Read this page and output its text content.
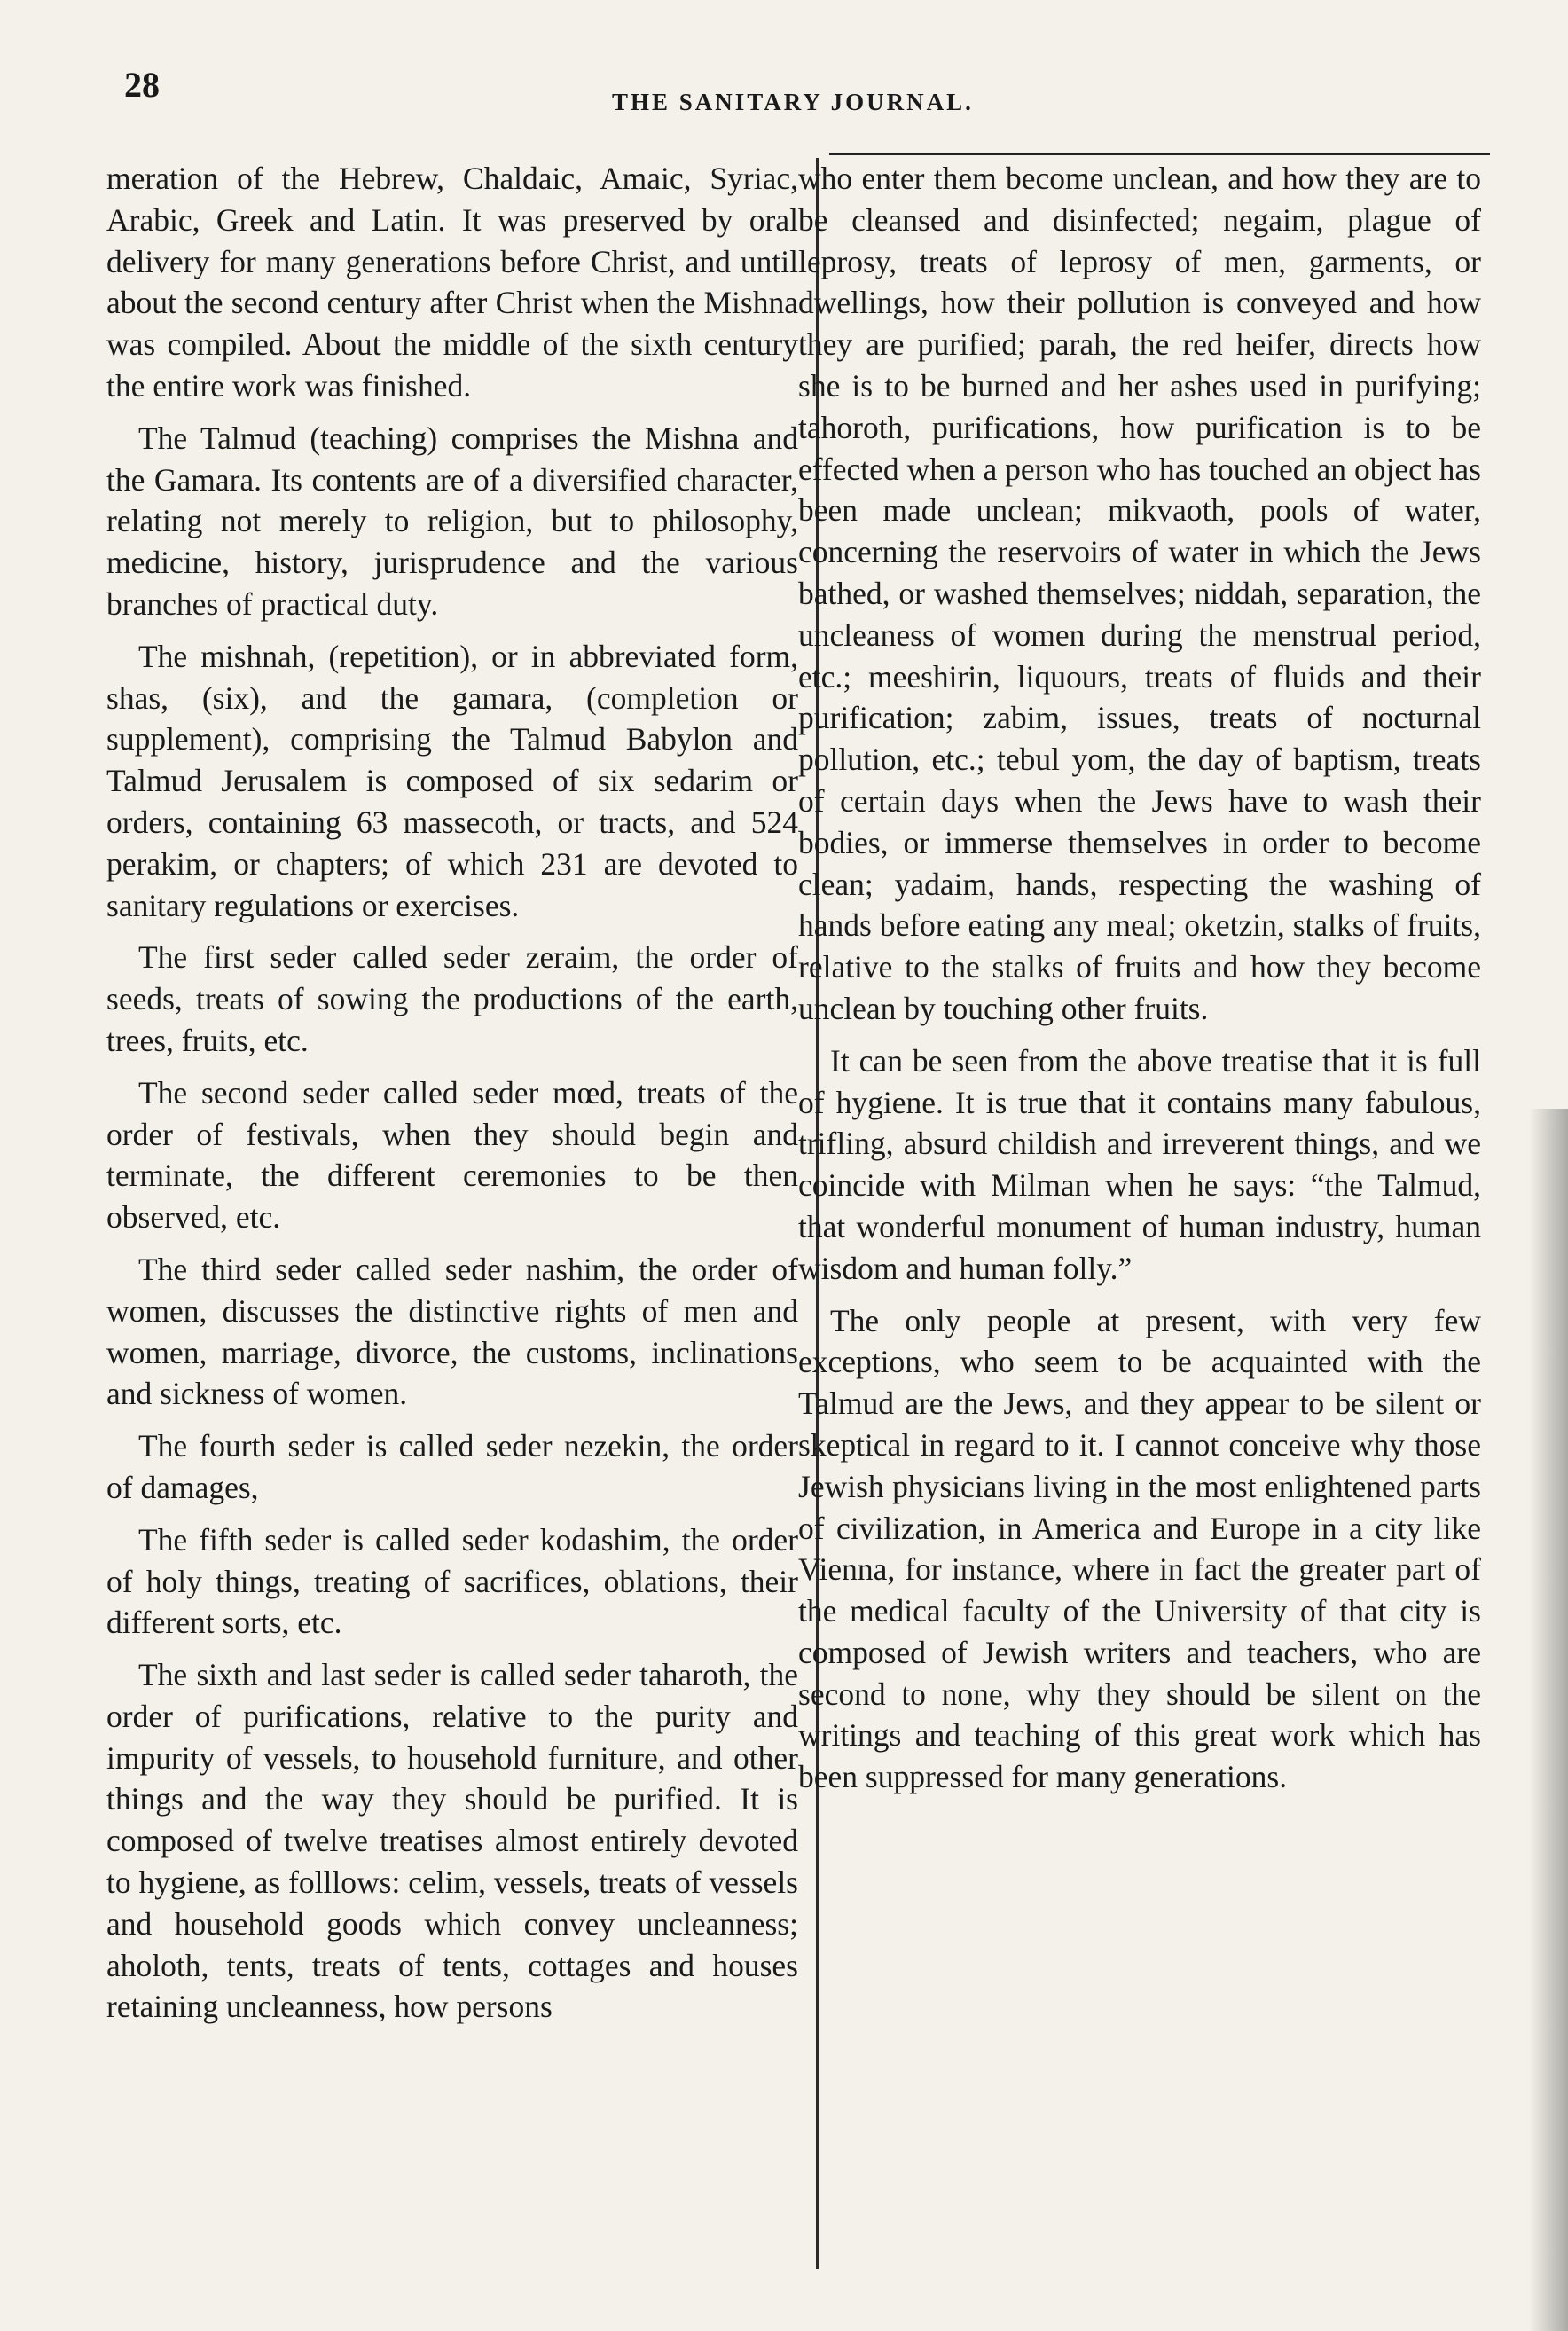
28	THE SANITARY JOURNAL.

meration of the Hebrew, Chaldaic, Amaic, Syriac, Arabic, Greek and Latin. It was preserved by oral delivery for many generations before Christ, and until about the second century after Christ when the Mishna was compiled. About the middle of the sixth century the entire work was finished.

The Talmud (teaching) comprises the Mishna and the Gamara. Its contents are of a diversified character, relating not merely to religion, but to philosophy, medicine, history, jurisprudence and the various branches of practical duty.

The mishnah, (repetition), or in abbreviated form, shas, (six), and the gamara, (completion or supplement), comprising the Talmud Babylon and Talmud Jerusalem is composed of six sedarim or orders, containing 63 massecoth, or tracts, and 524 perakim, or chapters; of which 231 are devoted to sanitary regulations or exercises.

The first seder called seder zeraim, the order of seeds, treats of sowing the productions of the earth, trees, fruits, etc.

The second seder called seder mœd, treats of the order of festivals, when they should begin and terminate, the different ceremonies to be then observed, etc.

The third seder called seder nashim, the order of women, discusses the distinctive rights of men and women, marriage, divorce, the customs, inclinations and sickness of women.

The fourth seder is called seder nezekin, the order of damages,

The fifth seder is called seder kodashim, the order of holy things, treating of sacrifices, oblations, their different sorts, etc.

The sixth and last seder is called seder taharoth, the order of purifications, relative to the purity and impurity of vessels, to household furniture, and other things and the way they should be purified. It is composed of twelve treatises almost entirely devoted to hygiene, as folllows: celim, vessels, treats of vessels and household goods which convey uncleanness; aholoth, tents, treats of tents, cottages and houses retaining uncleanness, how persons

who enter them become unclean, and how they are to be cleansed and disinfected; negaim, plague of leprosy, treats of leprosy of men, garments, or dwellings, how their pollution is conveyed and how they are purified; parah, the red heifer, directs how she is to be burned and her ashes used in purifying; tahoroth, purifications, how purification is to be effected when a person who has touched an object has been made unclean; mikvaoth, pools of water, concerning the reservoirs of water in which the Jews bathed, or washed themselves; niddah, separation, the uncleaness of women during the menstrual period, etc.; meeshirin, liquours, treats of fluids and their purification; zabim, issues, treats of nocturnal pollution, etc.; tebul yom, the day of baptism, treats of certain days when the Jews have to wash their bodies, or immerse themselves in order to become clean; yadaim, hands, respecting the washing of hands before eating any meal; oketzin, stalks of fruits, relative to the stalks of fruits and how they become unclean by touching other fruits.

It can be seen from the above treatise that it is full of hygiene. It is true that it contains many fabulous, trifling, absurd childish and irreverent things, and we coincide with Milman when he says: “the Talmud, that wonderful monument of human industry, human wisdom and human folly.”

The only people at present, with very few exceptions, who seem to be acquainted with the Talmud are the Jews, and they appear to be silent or skeptical in regard to it. I cannot conceive why those Jewish physicians living in the most enlightened parts of civilization, in America and Europe in a city like Vienna, for instance, where in fact the greater part of the medical faculty of the University of that city is composed of Jewish writers and teachers, who are second to none, why they should be silent on the writings and teaching of this great work which has been suppressed for many generations.
